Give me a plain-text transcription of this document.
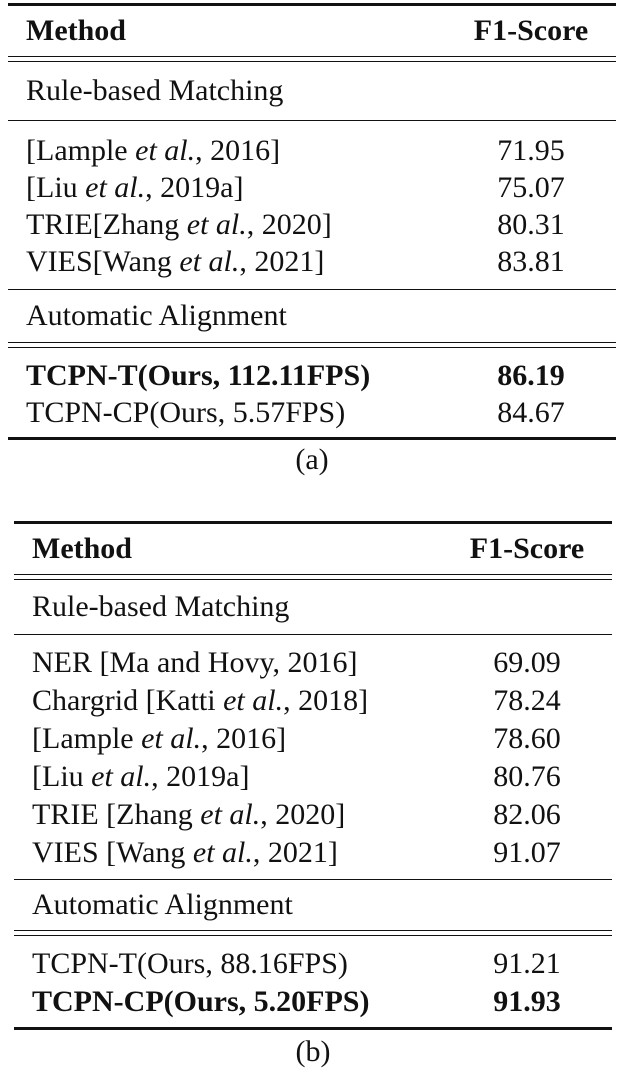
Method	F1-Score
Rule-based Matching
[Lample et al., 2016]	71.95
[Liu et al., 2019a]	75.07
TRIE[Zhang et al., 2020]	80.31
VIES[Wang et al., 2021]	83.81
Automatic Alignment
TCPN-T(Ours, 112.11FPS)	86.19
TCPN-CP(Ours, 5.57FPS)	84.67
(a)
Method	F1-Score
Rule-based Matching
NER [Ma and Hovy, 2016]	69.09
Chargrid [Katti et al., 2018]	78.24
[Lample et al., 2016]	78.60
[Liu et al., 2019a]	80.76
TRIE [Zhang et al., 2020]	82.06
VIES [Wang et al., 2021]	91.07
Automatic Alignment
TCPN-T(Ours, 88.16FPS)	91.21
TCPN-CP(Ours, 5.20FPS)	91.93
(b)
